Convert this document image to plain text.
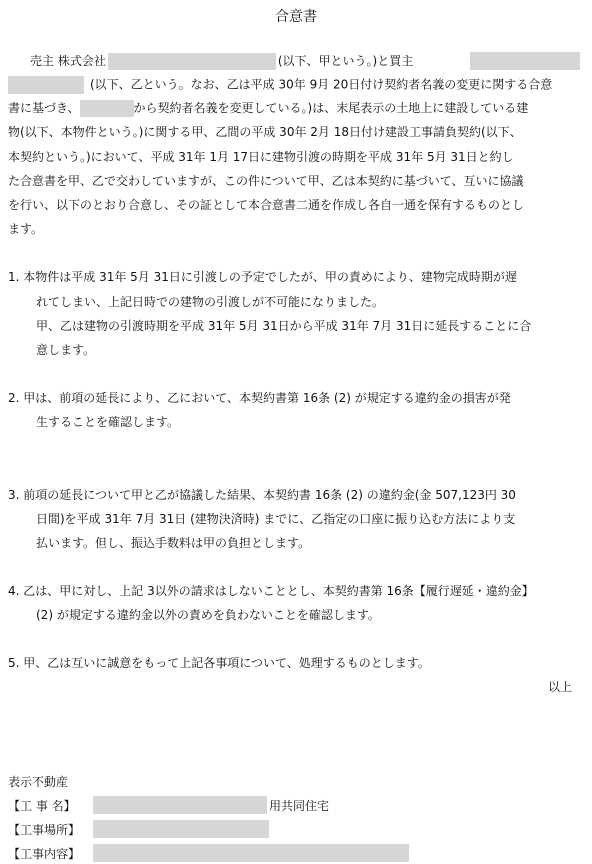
合意書
売主 株式会社	(以下、甲という。)と買主
(以下、乙という。なお、乙は平成 30年 9月 20日付け契約者名義の変更に関する合意
書に基づき、	から契約者名義を変更している。)は、末尾表示の土地上に建設している建
物(以下、本物件という。)に関する甲、乙間の平成 30年 2月 18日付け建設工事請負契約(以下、
本契約という。)において、平成 31年 1月 17日に建物引渡の時期を平成 31年 5月 31日と約し
た合意書を甲、乙で交わしていますが、この件について甲、乙は本契約に基づいて、互いに協議
を行い、以下のとおり合意し、その証として本合意書二通を作成し各自一通を保有するものとし
ます。
1. 本物件は平成 31年 5月 31日に引渡しの予定でしたが、甲の責めにより、建物完成時期が遅
れてしまい、上記日時での建物の引渡しが不可能になりました。
甲、乙は建物の引渡時期を平成 31年 5月 31日から平成 31年 7月 31日に延長することに合
意します。
2. 甲は、前項の延長により、乙において、本契約書第 16条 (2) が規定する違約金の損害が発
生することを確認します。
3. 前項の延長について甲と乙が協議した結果、本契約書 16条 (2) の違約金(金 507,123円 30
日間)を平成 31年 7月 31日 (建物決済時) までに、乙指定の口座に振り込む方法により支
払います。但し、振込手数料は甲の負担とします。
4. 乙は、甲に対し、上記 3以外の請求はしないこととし、本契約書第 16条【履行遅延・違約金】
(2) が規定する違約金以外の責めを負わないことを確認します。
5. 甲、乙は互いに誠意をもって上記各事項について、処理するものとします。
以上
表示不動産
【工 事 名】	用共同住宅
【工事場所】
【工事内容】
